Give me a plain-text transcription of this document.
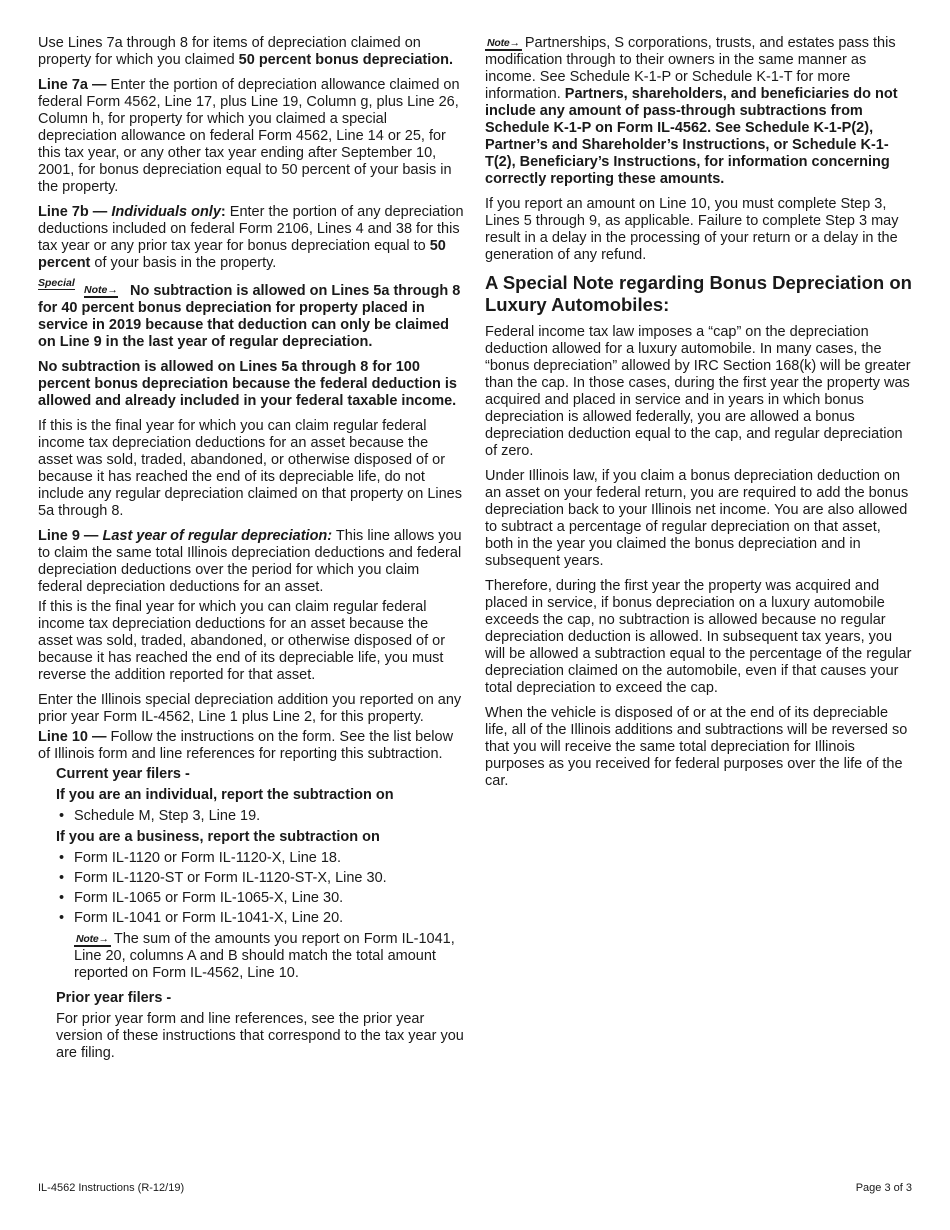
Use Lines 7a through 8 for items of depreciation claimed on property for which you claimed 50 percent bonus depreciation.

Line 7a — Enter the portion of depreciation allowance claimed on federal Form 4562, Line 17, plus Line 19, Column g, plus Line 26, Column h, for property for which you claimed a special depreciation allowance on federal Form 4562, Line 14 or 25, for this tax year, or any other tax year ending after September 10, 2001, for bonus depreciation equal to 50 percent of your basis in the property.

Line 7b — Individuals only: Enter the portion of any depreciation deductions included on federal Form 2106, Lines 4 and 38 for this tax year or any prior tax year for bonus depreciation equal to 50 percent of your basis in the property.

Special
Note→ No subtraction is allowed on Lines 5a through 8 for 40 percent bonus depreciation for property placed in service in 2019 because that deduction can only be claimed on Line 9 in the last year of regular depreciation.

No subtraction is allowed on Lines 5a through 8 for 100 percent bonus depreciation because the federal deduction is allowed and already included in your federal taxable income.

If this is the final year for which you can claim regular federal income tax depreciation deductions for an asset because the asset was sold, traded, abandoned, or otherwise disposed of or because it has reached the end of its depreciable life, do not include any regular depreciation claimed on that property on Lines 5a through 8.

Line 9 — Last year of regular depreciation: This line allows you to claim the same total Illinois depreciation deductions and federal depreciation deductions over the period for which you claim federal depreciation deductions for an asset.

If this is the final year for which you can claim regular federal income tax depreciation deductions for an asset because the asset was sold, traded, abandoned, or otherwise disposed of or because it has reached the end of its depreciable life, you must reverse the addition reported for that asset.

Enter the Illinois special depreciation addition you reported on any prior year Form IL-4562, Line 1 plus Line 2, for this property.

Line 10 — Follow the instructions on the form. See the list below of Illinois form and line references for reporting this subtraction.

Current year filers -

If you are an individual, report the subtraction on

• Schedule M, Step 3, Line 19.

If you are a business, report the subtraction on

• Form IL-1120 or Form IL-1120-X, Line 18.
• Form IL-1120-ST or Form IL-1120-ST-X, Line 30.
• Form IL-1065 or Form IL-1065-X, Line 30.
• Form IL-1041 or Form IL-1041-X, Line 20.

Note→ The sum of the amounts you report on Form IL-1041, Line 20, columns A and B should match the total amount reported on Form IL-4562, Line 10.

Prior year filers -

For prior year form and line references, see the prior year version of these instructions that correspond to the tax year you are filing.

Note→ Partnerships, S corporations, trusts, and estates pass this modification through to their owners in the same manner as income. See Schedule K-1-P or Schedule K-1-T for more information. Partners, shareholders, and beneficiaries do not include any amount of pass-through subtractions from Schedule K-1-P on Form IL-4562. See Schedule K-1-P(2), Partner’s and Shareholder’s Instructions, or Schedule K-1-T(2), Beneficiary’s Instructions, for information concerning correctly reporting these amounts.

If you report an amount on Line 10, you must complete Step 3, Lines 5 through 9, as applicable. Failure to complete Step 3 may result in a delay in the processing of your return or a delay in the generation of any refund.

A Special Note regarding Bonus Depreciation on Luxury Automobiles:

Federal income tax law imposes a “cap” on the depreciation deduction allowed for a luxury automobile. In many cases, the “bonus depreciation” allowed by IRC Section 168(k) will be greater than the cap. In those cases, during the first year the property was acquired and placed in service and in years in which bonus depreciation is allowed federally, you are allowed a bonus depreciation deduction equal to the cap, and regular depreciation of zero.

Under Illinois law, if you claim a bonus depreciation deduction on an asset on your federal return, you are required to add the bonus depreciation back to your Illinois net income. You are also allowed to subtract a percentage of regular depreciation on that asset, both in the year you claimed the bonus depreciation and in subsequent years.

Therefore, during the first year the property was acquired and placed in service, if bonus depreciation on a luxury automobile exceeds the cap, no subtraction is allowed because no regular depreciation deduction is allowed. In subsequent tax years, you will be allowed a subtraction equal to the percentage of the regular depreciation claimed on the automobile, even if that causes your total depreciation to exceed the cap.

When the vehicle is disposed of or at the end of its depreciable life, all of the Illinois additions and subtractions will be reversed so that you will receive the same total depreciation for Illinois purposes as you received for federal purposes over the life of the car.

IL-4562 Instructions (R-12/19)	Page 3 of 3
